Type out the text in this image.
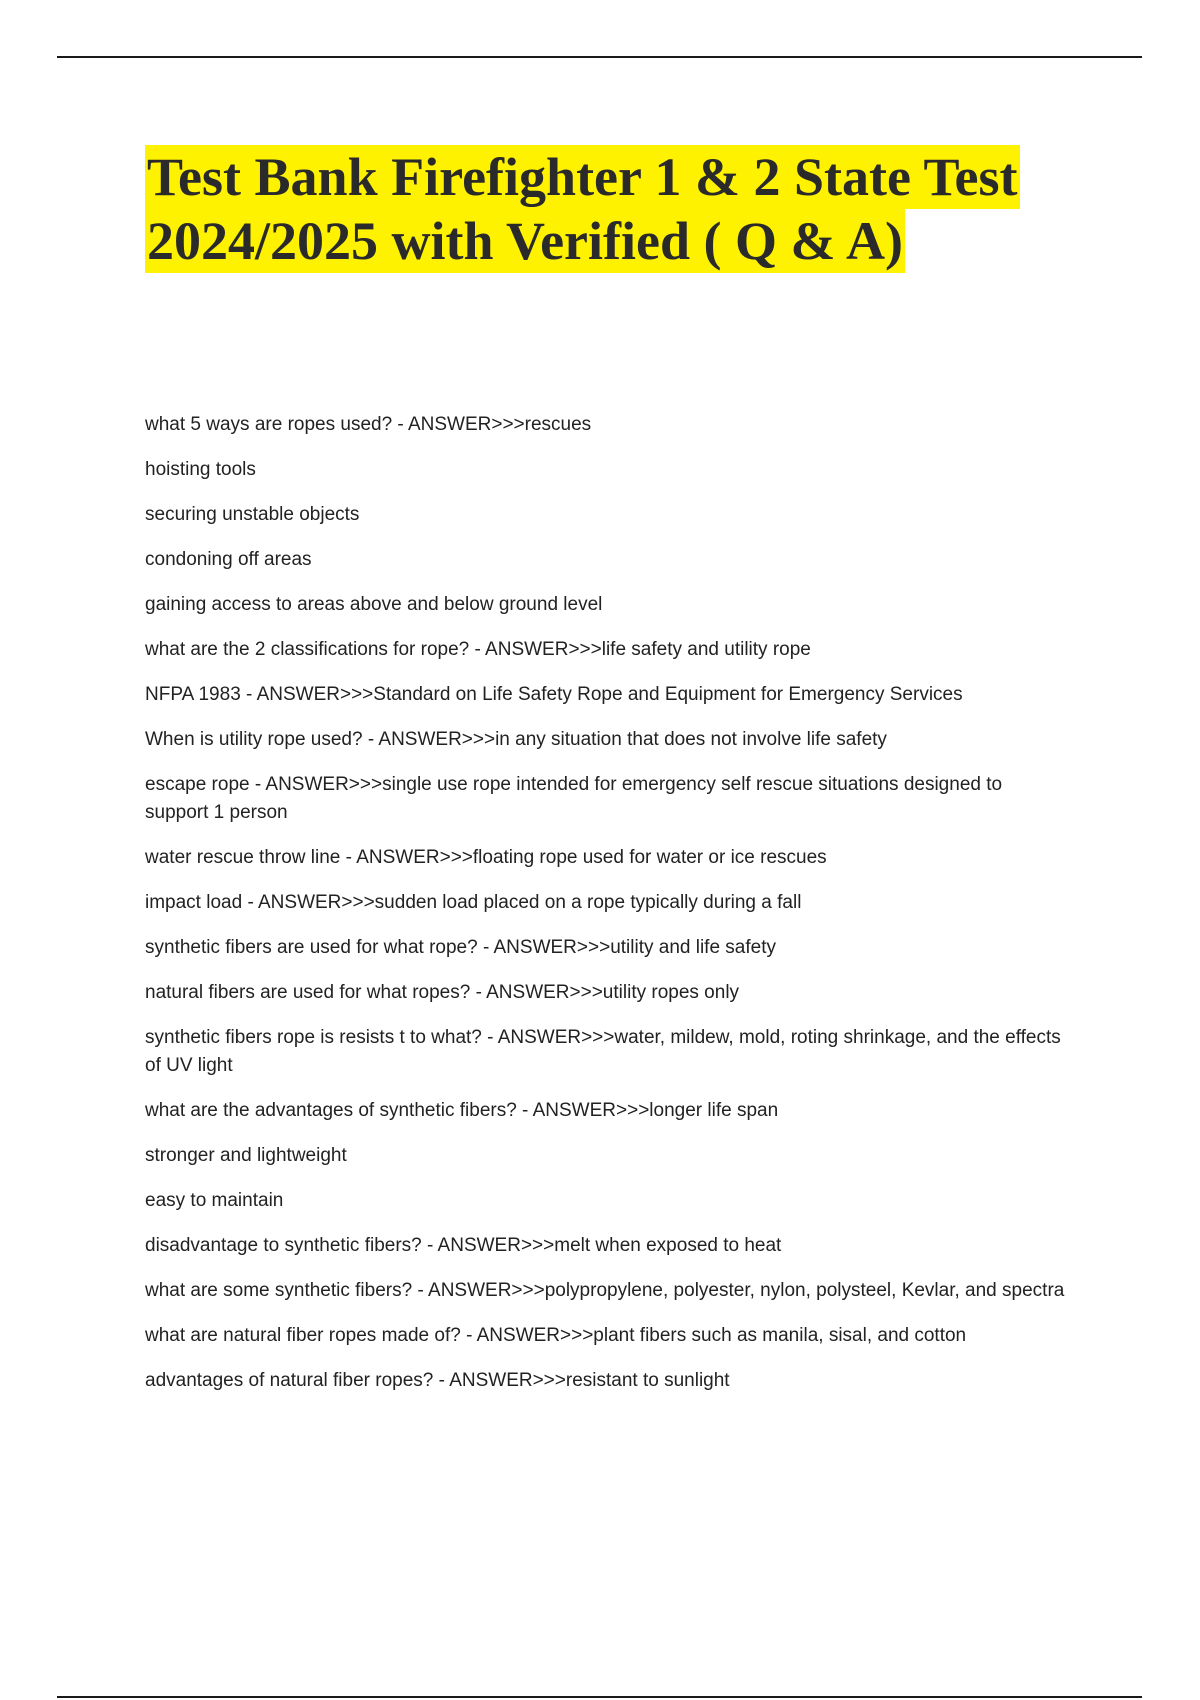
Test Bank Firefighter 1 & 2 State Test
2024/2025 with Verified ( Q & A)
what 5 ways are ropes used? - ANSWER>>>rescues
hoisting tools
securing unstable objects
condoning off areas
gaining access to areas above and below ground level
what are the 2 classifications for rope? - ANSWER>>>life safety and utility rope
NFPA 1983 - ANSWER>>>Standard on Life Safety Rope and Equipment for Emergency Services
When is utility rope used? - ANSWER>>>in any situation that does not involve life safety
escape rope - ANSWER>>>single use rope intended for emergency self rescue situations designed to support 1 person
water rescue throw line - ANSWER>>>floating rope used for water or ice rescues
impact load - ANSWER>>>sudden load placed on a rope typically during a fall
synthetic fibers are used for what rope? - ANSWER>>>utility and life safety
natural fibers are used for what ropes? - ANSWER>>>utility ropes only
synthetic fibers rope is resists t to what? - ANSWER>>>water, mildew, mold, roting shrinkage, and the effects of UV light
what are the advantages of synthetic fibers? - ANSWER>>>longer life span
stronger and lightweight
easy to maintain
disadvantage to synthetic fibers? - ANSWER>>>melt when exposed to heat
what are some synthetic fibers? - ANSWER>>>polypropylene, polyester, nylon, polysteel, Kevlar, and spectra
what are natural fiber ropes made of? - ANSWER>>>plant fibers such as manila, sisal, and cotton
advantages of natural fiber ropes? - ANSWER>>>resistant to sunlight
